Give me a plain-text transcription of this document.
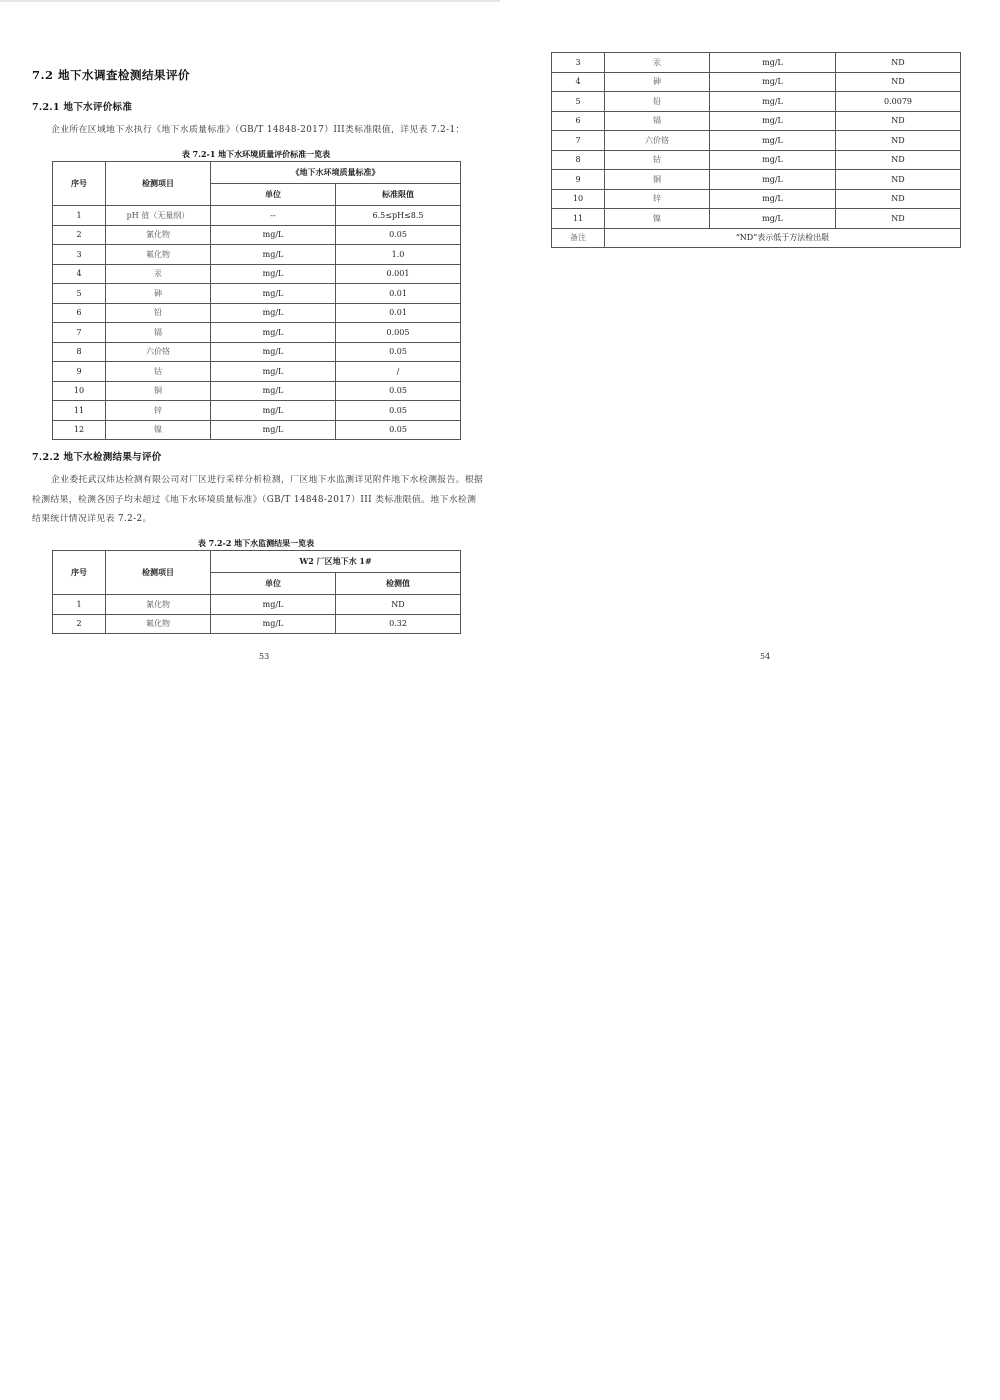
7.2 地下水调查检测结果评价
7.2.1 地下水评价标准
企业所在区域地下水执行《地下水质量标准》（GB/T 14848-2017）III类标准限值，详见表 7.2-1：
表 7.2-1 地下水环境质量评价标准一览表
序号	检测项目	《地下水环境质量标准》	
		单位	标准限值
1	pH 值（无量纲）	--	6.5≤pH≤8.5
2	氰化物	mg/L	0.05
3	氟化物	mg/L	1.0
4	汞	mg/L	0.001
5	砷	mg/L	0.01
6	铅	mg/L	0.01
7	镉	mg/L	0.005
8	六价铬	mg/L	0.05
9	钴	mg/L	/
10	铜	mg/L	0.05
11	锌	mg/L	0.05
12	镍	mg/L	0.05
7.2.2 地下水检测结果与评价
企业委托武汉炜达检测有限公司对厂区进行采样分析检测，厂区地下水监测详见附件地下水检测报告。根据检测结果，检测各因子均未超过《地下水环境质量标准》（GB/T 14848-2017）III 类标准限值。地下水检测结果统计情况详见表 7.2-2。
表 7.2-2 地下水监测结果一览表
序号	检测项目	W2 厂区地下水 1#	
		单位	检测值
1	氰化物	mg/L	ND
2	氟化物	mg/L	0.32
53
3	汞	mg/L	ND
4	砷	mg/L	ND
5	铅	mg/L	0.0079
6	镉	mg/L	ND
7	六价铬	mg/L	ND
8	钴	mg/L	ND
9	铜	mg/L	ND
10	锌	mg/L	ND
11	镍	mg/L	ND
备注	“ND”表示低于方法检出限		
54
